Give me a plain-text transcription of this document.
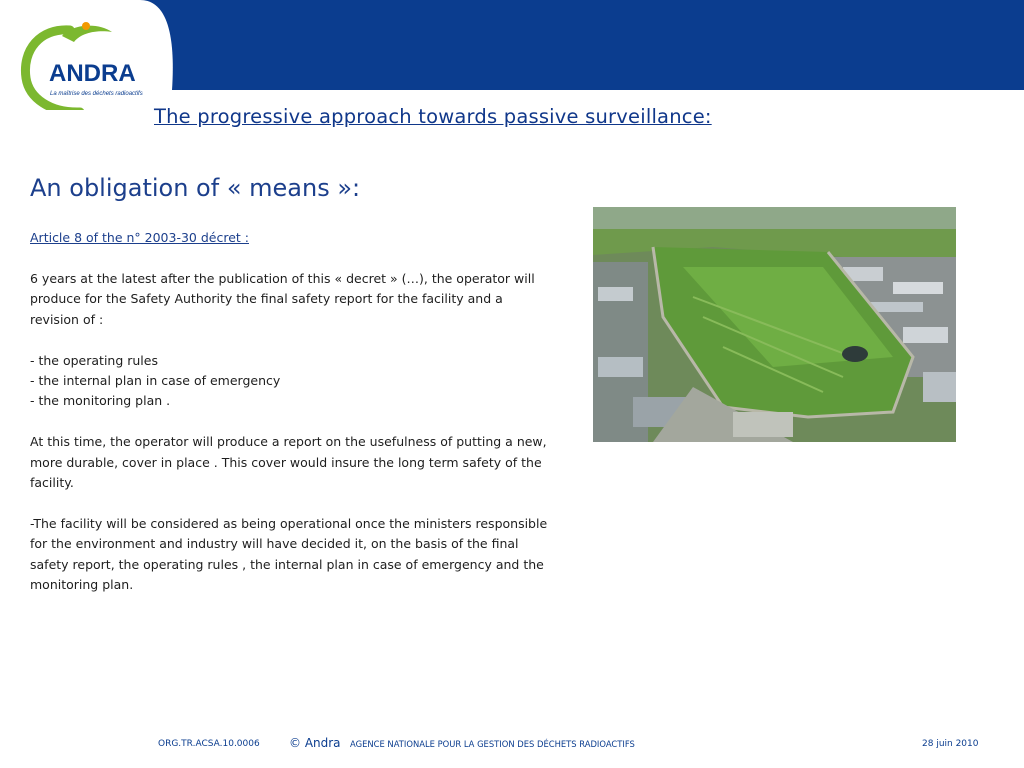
ANDRA
La maîtrise des déchets radioactifs
The progressive approach towards passive surveillance:
An obligation of « means »:
Article 8 of the n° 2003-30 décret :

6 years at the latest after the publication of this « decret » (…), the operator will produce for the Safety Authority the final safety report for the facility and a revision of :

- the operating rules
- the internal plan in case of emergency
- the monitoring plan .

At this time, the operator will produce a report on the usefulness of putting a new, more durable, cover in place . This cover would insure the long term safety of the facility.

-The facility will be considered as being operational once the ministers responsible for the environment and industry will have decided it, on the basis of the final safety report, the operating rules , the internal plan in case of emergency and the monitoring plan.

ORG.TR.ACSA.10.0006 © Andra AGENCE NATIONALE POUR LA GESTION DES DÉCHETS RADIOACTIFS	28 juin 2010
